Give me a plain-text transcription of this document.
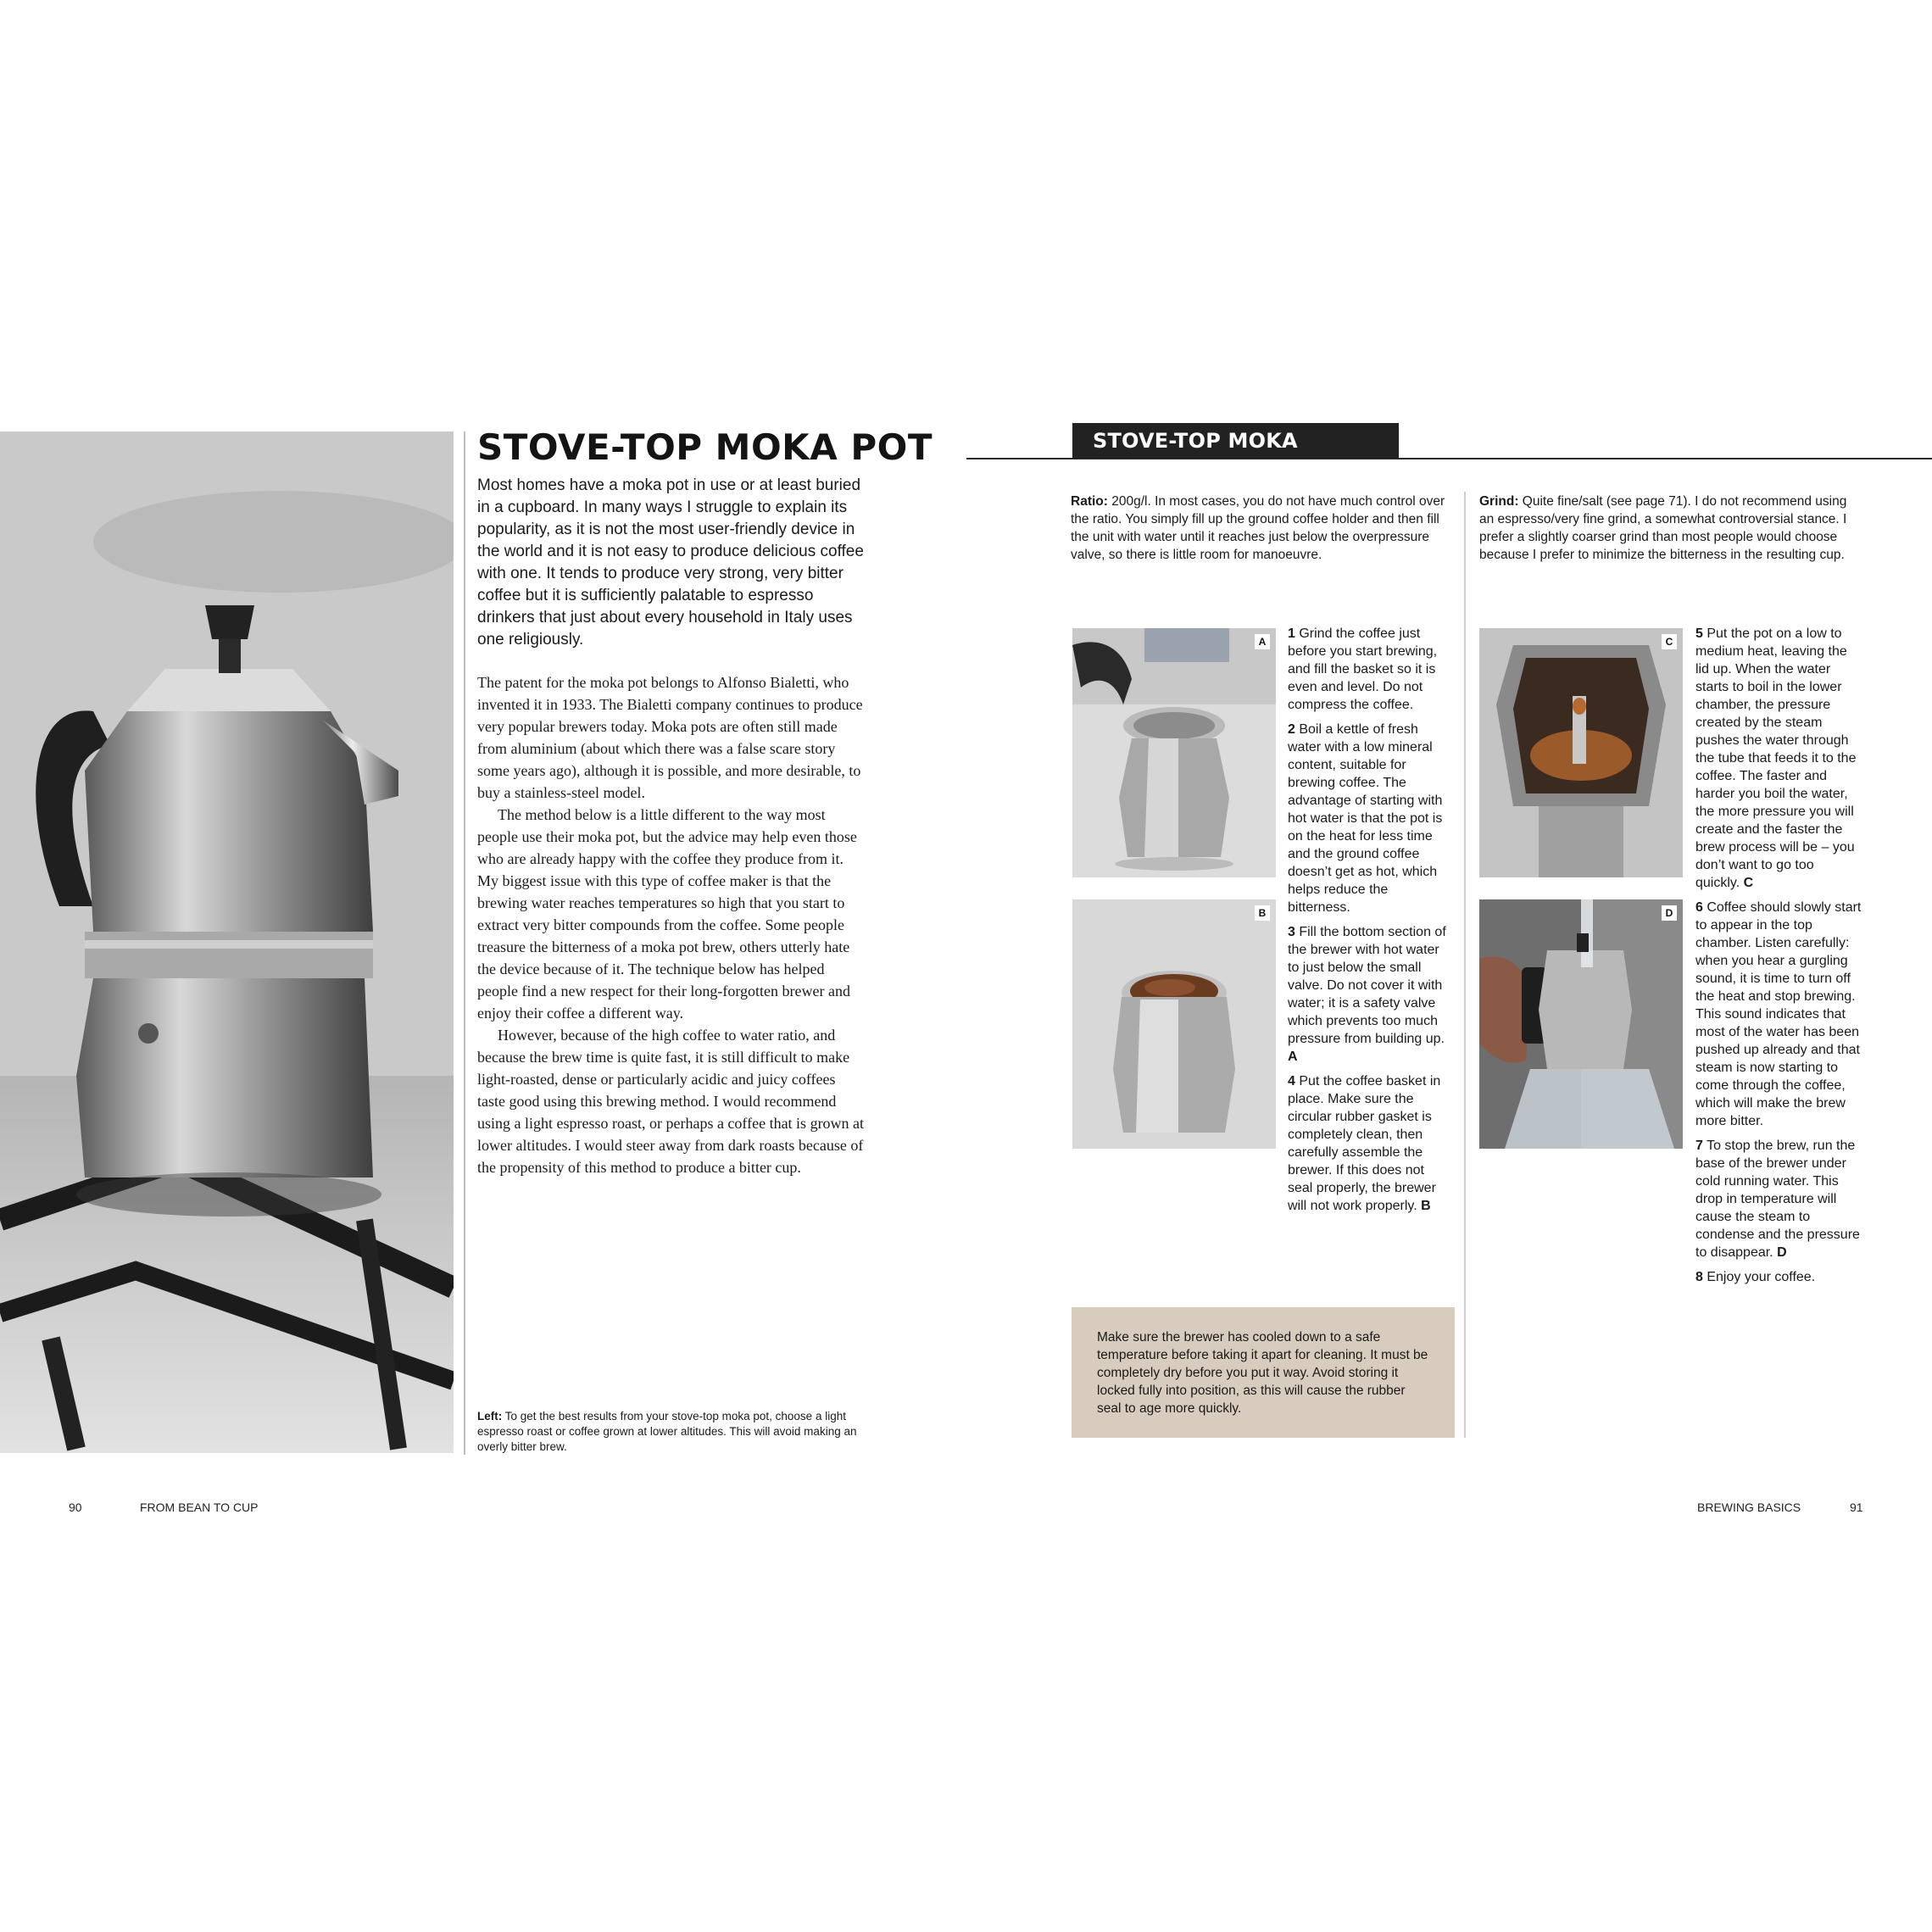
STOVE-TOP MOKA POT
Most homes have a moka pot in use or at least buried in a cupboard. In many ways I struggle to explain its popularity, as it is not the most user-friendly device in the world and it is not easy to produce delicious coffee with one. It tends to produce very strong, very bitter coffee but it is sufficiently palatable to espresso drinkers that just about every household in Italy uses one religiously.

The patent for the moka pot belongs to Alfonso Bialetti, who invented it in 1933. The Bialetti company continues to produce very popular brewers today. Moka pots are often still made from aluminium (about which there was a false scare story some years ago), although it is possible, and more desirable, to buy a stainless-steel model.

The method below is a little different to the way most people use their moka pot, but the advice may help even those who are already happy with the coffee they produce from it. My biggest issue with this type of coffee maker is that the brewing water reaches temperatures so high that you start to extract very bitter compounds from the coffee. Some people treasure the bitterness of a moka pot brew, others utterly hate the device because of it. The technique below has helped people find a new respect for their long-forgotten brewer and enjoy their coffee a different way.

However, because of the high coffee to water ratio, and because the brew time is quite fast, it is still difficult to make light-roasted, dense or particularly acidic and juicy coffees taste good using this brewing method. I would recommend using a light espresso roast, or perhaps a coffee that is grown at lower altitudes. I would steer away from dark roasts because of the propensity of this method to produce a bitter cup.

Left: To get the best results from your stove-top moka pot, choose a light espresso roast or coffee grown at lower altitudes. This will avoid making an overly bitter brew.
90	FROM BEAN TO CUP
STOVE-TOP MOKA METHOD
Ratio: 200g/l. In most cases, you do not have much control over the ratio. You simply fill up the ground coffee holder and then fill the unit with water until it reaches just below the overpressure valve, so there is little room for manoeuvre.
Grind: Quite fine/salt (see page 71). I do not recommend using an espresso/very fine grind, a somewhat controversial stance. I prefer a slightly coarser grind than most people would choose because I prefer to minimize the bitterness in the resulting cup.
A
B
C
D

1 Grind the coffee just before you start brewing, and fill the basket so it is even and level. Do not compress the coffee.

2 Boil a kettle of fresh water with a low mineral content, suitable for brewing coffee. The advantage of starting with hot water is that the pot is on the heat for less time and the ground coffee doesn’t get as hot, which helps reduce the bitterness.

3 Fill the bottom section of the brewer with hot water to just below the small valve. Do not cover it with water; it is a safety valve which prevents too much pressure from building up. A

4 Put the coffee basket in place. Make sure the circular rubber gasket is completely clean, then carefully assemble the brewer. If this does not seal properly, the brewer will not work properly. B

5 Put the pot on a low to medium heat, leaving the lid up. When the water starts to boil in the lower chamber, the pressure created by the steam pushes the water through the tube that feeds it to the coffee. The faster and harder you boil the water, the more pressure you will create and the faster the brew process will be – you don’t want to go too quickly. C

6 Coffee should slowly start to appear in the top chamber. Listen carefully: when you hear a gurgling sound, it is time to turn off the heat and stop brewing. This sound indicates that most of the water has been pushed up already and that steam is now starting to come through the coffee, which will make the brew more bitter.

7 To stop the brew, run the base of the brewer under cold running water. This drop in temperature will cause the steam to condense and the pressure to disappear. D

8 Enjoy your coffee.

Make sure the brewer has cooled down to a safe temperature before taking it apart for cleaning. It must be completely dry before you put it way. Avoid storing it locked fully into position, as this will cause the rubber seal to age more quickly.
BREWING BASICS	91
